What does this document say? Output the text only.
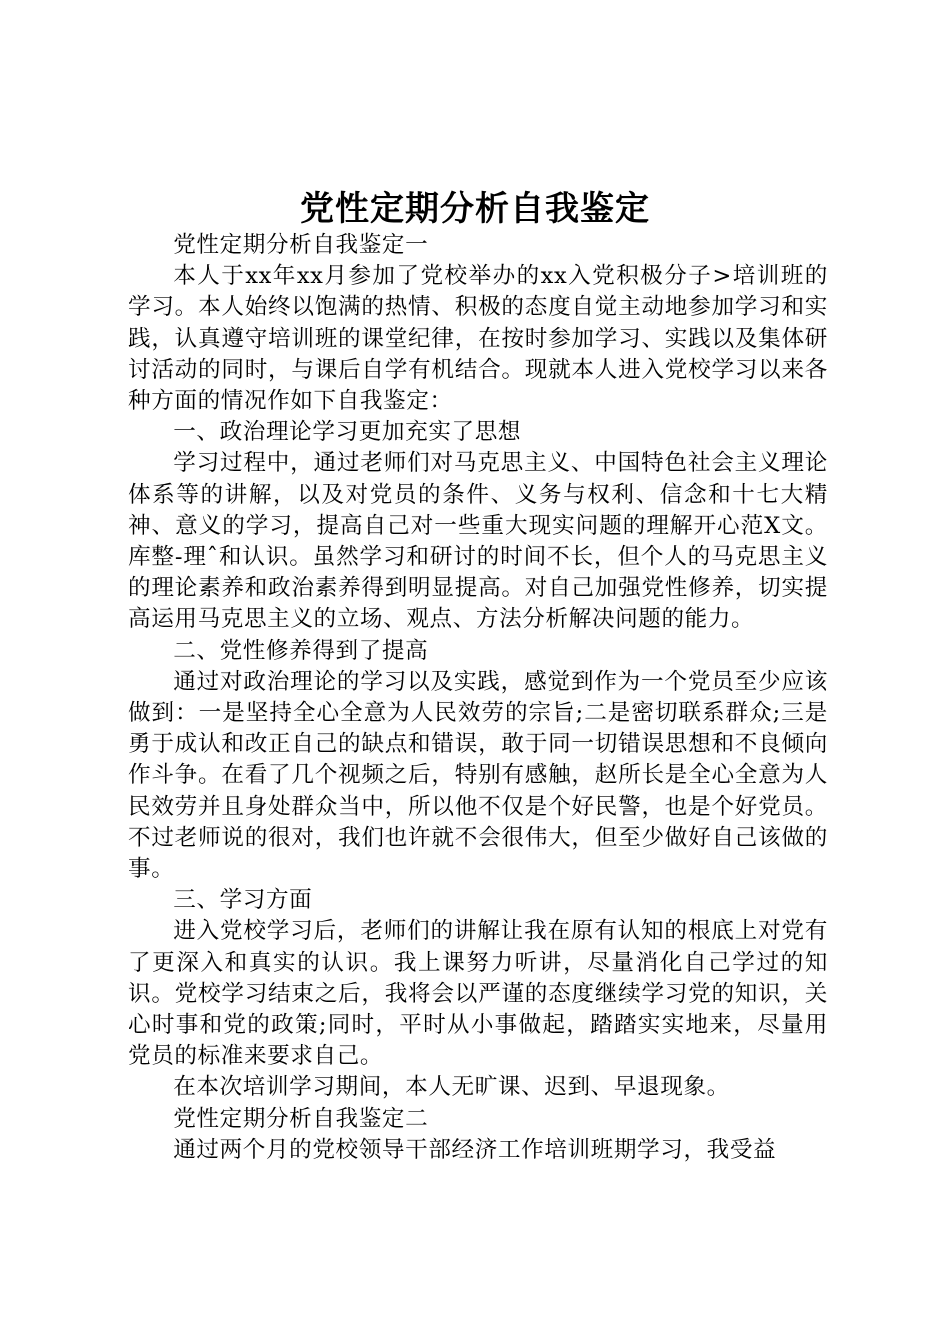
党性定期分析自我鉴定

党性定期分析自我鉴定一

本人于xx年xx月参加了党校举办的xx入党积极分子>培训班的学习。本人始终以饱满的热情、积极的态度自觉主动地参加学习和实践，认真遵守培训班的课堂纪律，在按时参加学习、实践以及集体研讨活动的同时，与课后自学有机结合。现就本人进入党校学习以来各种方面的情况作如下自我鉴定：

一、政治理论学习更加充实了思想

学习过程中，通过老师们对马克思主义、中国特色社会主义理论体系等的讲解，以及对党员的条件、义务与权利、信念和十七大精神、意义的学习，提高自己对一些重大现实问题的理解开心范X文。库整-理ˆ和认识。虽然学习和研讨的时间不长，但个人的马克思主义的理论素养和政治素养得到明显提高。对自己加强党性修养，切实提高运用马克思主义的立场、观点、方法分析解决问题的能力。

二、党性修养得到了提高

通过对政治理论的学习以及实践，感觉到作为一个党员至少应该做到：一是坚持全心全意为人民效劳的宗旨;二是密切联系群众;三是勇于成认和改正自己的缺点和错误，敢于同一切错误思想和不良倾向作斗争。在看了几个视频之后，特别有感触，赵所长是全心全意为人民效劳并且身处群众当中，所以他不仅是个好民警，也是个好党员。不过老师说的很对，我们也许就不会很伟大，但至少做好自己该做的事。

三、学习方面

进入党校学习后，老师们的讲解让我在原有认知的根底上对党有了更深入和真实的认识。我上课努力听讲，尽量消化自己学过的知识。党校学习结束之后，我将会以严谨的态度继续学习党的知识，关心时事和党的政策;同时，平时从小事做起，踏踏实实地来，尽量用党员的标准来要求自己。

在本次培训学习期间，本人无旷课、迟到、早退现象。

党性定期分析自我鉴定二

通过两个月的党校领导干部经济工作培训班期学习，我受益
